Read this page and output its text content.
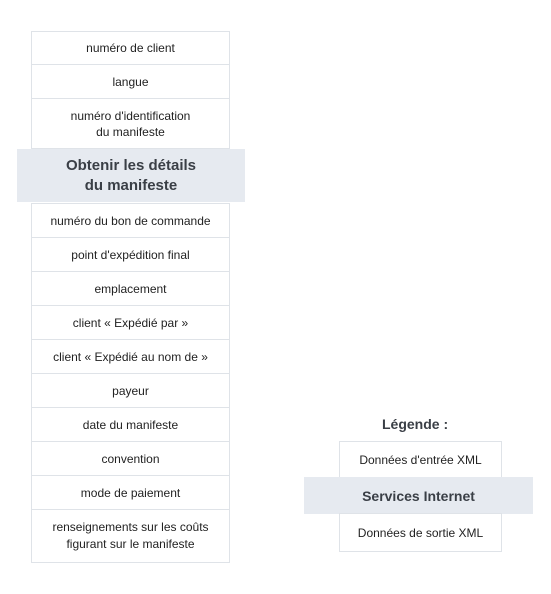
numéro de client
langue
numéro d'identification
du manifeste
Obtenir les détails
du manifeste
numéro du bon de commande
point d'expédition final
emplacement
client « Expédié par »
client « Expédié au nom de »
payeur
date du manifeste
convention
mode de paiement
renseignements sur les coûts
figurant sur le manifeste
Légende :
Données d'entrée XML
Services Internet
Données de sortie XML
